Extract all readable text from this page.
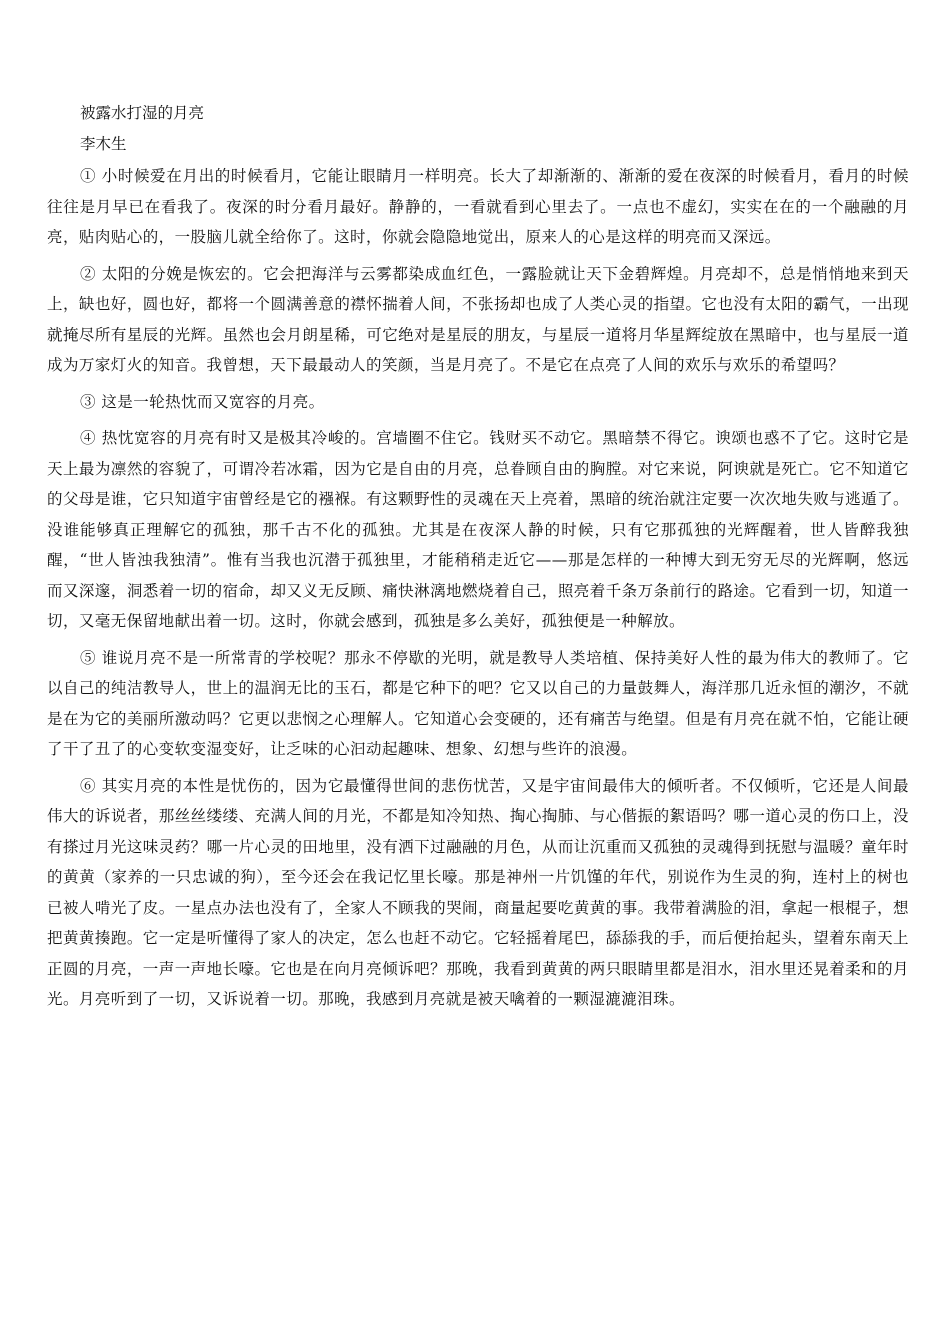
被露水打湿的月亮

李木生

① 小时候爱在月出的时候看月，它能让眼睛月一样明亮。长大了却渐渐的、渐渐的爱在夜深的时候看月，看月的时候往往是月早已在看我了。夜深的时分看月最好。静静的，一看就看到心里去了。一点也不虚幻，实实在在的一个融融的月亮，贴肉贴心的，一股脑儿就全给你了。这时，你就会隐隐地觉出，原来人的心是这样的明亮而又深远。

② 太阳的分娩是恢宏的。它会把海洋与云雾都染成血红色，一露脸就让天下金碧辉煌。月亮却不，总是悄悄地来到天上，缺也好，圆也好，都将一个圆满善意的襟怀揣着人间，不张扬却也成了人类心灵的指望。它也没有太阳的霸气，一出现就掩尽所有星辰的光辉。虽然也会月朗星稀，可它绝对是星辰的朋友，与星辰一道将月华星辉绽放在黑暗中，也与星辰一道成为万家灯火的知音。我曾想，天下最最动人的笑颜，当是月亮了。不是它在点亮了人间的欢乐与欢乐的希望吗？

③ 这是一轮热忱而又宽容的月亮。

④ 热忱宽容的月亮有时又是极其冷峻的。宫墙圈不住它。钱财买不动它。黑暗禁不得它。谀颂也惑不了它。这时它是天上最为凛然的容貌了，可谓冷若冰霜，因为它是自由的月亮，总眷顾自由的胸膛。对它来说，阿谀就是死亡。它不知道它的父母是谁，它只知道宇宙曾经是它的襁褓。有这颗野性的灵魂在天上亮着，黑暗的统治就注定要一次次地失败与逃遁了。没谁能够真正理解它的孤独，那千古不化的孤独。尤其是在夜深人静的时候，只有它那孤独的光辉醒着，世人皆醉我独醒，“世人皆浊我独清”。惟有当我也沉潜于孤独里，才能稍稍走近它——那是怎样的一种博大到无穷无尽的光辉啊，悠远而又深邃，洞悉着一切的宿命，却又义无反顾、痛快淋漓地燃烧着自己，照亮着千条万条前行的路途。它看到一切，知道一切，又毫无保留地献出着一切。这时，你就会感到，孤独是多么美好，孤独便是一种解放。

⑤ 谁说月亮不是一所常青的学校呢？那永不停歇的光明，就是教导人类培植、保持美好人性的最为伟大的教师了。它以自己的纯洁教导人，世上的温润无比的玉石，都是它种下的吧？它又以自己的力量鼓舞人，海洋那几近永恒的潮汐，不就是在为它的美丽所激动吗？它更以悲悯之心理解人。它知道心会变硬的，还有痛苦与绝望。但是有月亮在就不怕，它能让硬了干了丑了的心变软变湿变好，让乏味的心汩动起趣味、想象、幻想与些许的浪漫。

⑥ 其实月亮的本性是忧伤的，因为它最懂得世间的悲伤忧苦，又是宇宙间最伟大的倾听者。不仅倾听，它还是人间最伟大的诉说者，那丝丝缕缕、充满人间的月光，不都是知冷知热、掏心掏肺、与心偕振的絮语吗？哪一道心灵的伤口上，没有搽过月光这味灵药？哪一片心灵的田地里，没有洒下过融融的月色，从而让沉重而又孤独的灵魂得到抚慰与温暖？童年时的黄黄（家养的一只忠诚的狗），至今还会在我记忆里长嚎。那是神州一片饥馑的年代，别说作为生灵的狗，连村上的树也已被人啃光了皮。一星点办法也没有了，全家人不顾我的哭闹，商量起要吃黄黄的事。我带着满脸的泪，拿起一根棍子，想把黄黄揍跑。它一定是听懂得了家人的决定，怎么也赶不动它。它轻摇着尾巴，舔舔我的手，而后便抬起头，望着东南天上正圆的月亮，一声一声地长嚎。它也是在向月亮倾诉吧？那晚，我看到黄黄的两只眼睛里都是泪水，泪水里还晃着柔和的月光。月亮听到了一切，又诉说着一切。那晚，我感到月亮就是被天噙着的一颗湿漉漉泪珠。
